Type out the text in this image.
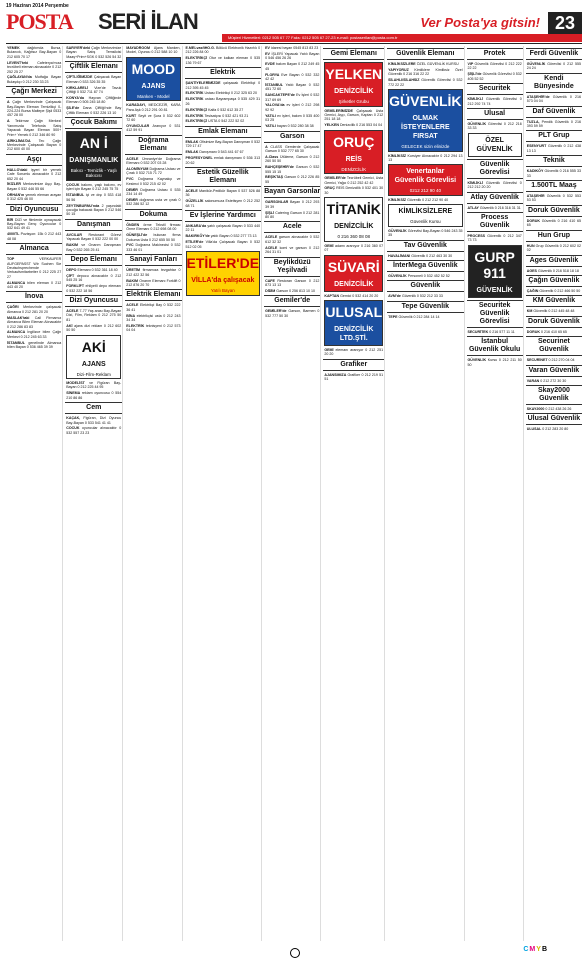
19 Haziran 2014 Perşembe
POSTA SERİ İLAN	Ver Posta'ya gitsin! 23
Müşteri Hizmetleri: 0212 505 67 77 Faks: 0212 505 67 27-23 e-mail: postaserilan@posta.com.tr
YEMEK dağıtımda Bursa, Bulancık, Kağıtsız Bay-Bayan 0 212 605 70 17
LEVENT'teki Cafeterya'mıza tecrübeli eleman alınacaktır 0 212 252 25 27
ÇAĞLAYAN'da Mutfağa Bayan Bulaşıkçı 0 212 230 33 23
Çağrı Merkezi
A Çağrı Merkezinde Çalışacak Bay-Bayan Eleman Temizlikçi 0-224-224 Bursa Maltepe Şişli 0533 457 28 00
A Tekirmar Çağrı Merkezi Yanımızda Telefonla Satış Yapacak Bayan Eleman 500+ Prim+ Yemek 0 212 346 80 90
AİRKLİMA'DA Tec Çağrı Merkezinde Çalışacak Bayan 0 212 600 40 00
Aşçı
HALLO'daki işyeri bir yemek Cafe Sorumlu alınacaktır 0 212 652 20 44
İKİZLER Merkezimize Aşçı Bay-Bayan 0 532 446 55 66
ORHAN'ın yemek eleman arayan 0 312 425 46 00
Dizi Oyuncusu
BİR DİZİ ve filmlerde oynayacak Bay-Bayan Genç Oyuncular 0 532 641 49 41
4000TL Pozisyon: 15k 0 212 443 48 08
Almanca
TOP VERKAUFER AUFGEPASST Wir Suchen Sie Deutschsprechende Verkaufsmitarbeiter 0 212 225 27 27
ALMANCA bilen eleman 0 212 443 40 20
İnova
ÇAĞRI Merkezinde çalışacak Almanca 0 212 281 20 20
MASLAK'taki Call Firmamız Almanca Bilen Eleman Alınacaktır 0 212 286 83 83
ALMANCA İngilizce bilen Çağrı Merkezi 0 212 245 63 33
İSTANBUL genelinde Almanca bilen Bayan 0 536 465 39 39
SARIYER'deki Çağrı Merkezimize Bayan Satış Temsilcisi Maaş+Prim+SGK 0 532 526 54 32
Çiftlik Elemanı
ÇİFTLİĞİMİZDE Çalışacak Bayan Eleman 0 533 326 35 35
KIRKLARELİ Vize'de Tavuk Çiftliği 0 532 711 87 74
KONYA'da Hayvan Çiftliğinde Eleman 0 505 245 18 80
ŞİLE'de Dana Çiftliği'nde Bay Çiftlik Elemanı 0 532 226 13 10
Çocuk Bakımı
AN İ
DANIŞMANLIK
Bakıcı - Temizlik - Yaşlı Bakıcısı
ÇOCUK bakımı, yaşlı bakımı, ev işleri için Bayan 0 212 245 75 75
İSTANBUL içi ve dışı 0 533 418 56 56
ZEYTİNBURNU'nda 2 yaşındaki çocuğa bakacak Bayan 0 212 546 50 15
Danışman
AVCILAR Restorant Görevi Yapacak Bayan 0 532 222 00 00
BAKIM ve Onarım Danışmanı Bay 0 532 265 25 41
Depo Elemanı
DEPO Elemanı 0 532 361 18 40
ÇİFT depocu alınacaktır 0 212 545 25 16
FORKLİFT ehliyetli depo elemanı 0 532 222 18 56
Dizi Oyuncusu
ACELE 7-77 Yaş arası Bay-Bayan Dizi, Film, Reklam 0 212 275 50 81
AKİ ajans dizi reklam 0 212 602 50 50
AKİ
AJANS
Dizi-Film-Reklam
MODELİST ve Figüran Bay-Bayan 0 212 225 44 95
SİNEMA reklam oyuncusu 0 554 210 86 86
Cem
KAÇAK, Figüran, Dizi Oyuncu Bay-Bayan 0 533 541 41 41
COCUK oyuncular alınacaktır 0 532 557 23 23
MAYADROOM Ajans Manken, Model, Oyuncu 0 212 588 10 10
MOOD
AJANS
Manken - Model
KARADAYI, MEDCEZİR, KARA Para Aşk 0 212 291 00 81
KURT Seyit ve Şura 0 532 602 72 60
OYUNCULAR Aranıyor 0 531 412 59 91
Doğrama Elemanı
ACELE Ümraniye'de Doğrama Elemanı 0 532 207 03 28
ALOMİNYUM Doğrama Ustası ve Çırak 0 532 715 71 72
PVC Doğrama Kaynakçı ve Kesimci 0 532 215 42 02
DEMİR Doğrama Ustası 0 535 234 14 49
DEMİR doğrama usta ve çırak 0 532 286 52 12
Dokuma
ÖNDEN örme Tekstil firması Örme Elemanı 0 212 698 08 00
GÜNEŞLİ'de bulunan firma Dokuma Usta 0 212 655 50 50
PVC Doğrama Makinecisi 0 532 333 46 01
Sanayi Fanları
ÜRETİM firmamıza tezgahtar 0 212 422 32 56
BAKIM Onarım Elemanı Forklift 0 212 876 20 70
Elektrik Elemanı
ACELE Elektrikçi Bay 0 532 222 36 41
BİNA elektrikçisi usta 0 212 243 34 34
ELEKTRİK teknisyeni 0 212 573 04 04
E.MELvasfiHO.G. Bölücü Elektronik Hazırlık 0 212 226 84 00
ELEKTRİKÇİ Otur ve kalkan eleman 0 535 136 79 67
Elektrik
ŞANTİYELERİMİZDE çalışacak Elektrikçi 0 212 395 45 45
ELEKTRİK Ustası Elektrikçi 0 212 325 63 20
ELEKTRİK ustası Bayrampaşa 0 535 429 31 26
ELEKTRİKÇİ Kalfa 0 532 612 35 27
ELEKTRİK Tesisatçısı 0 532 421 93 21
ELEKTRİKÇİ USTA 0 542 222 52 02
Emlak Elemanı
EMLAK Ofisimize Bay-Bayan Danışman 0 532 729 17 47
EMLAK Danışmanı 0 543 441 67 67
PROFESYONEL emlak danışmanı 0 536 313 20 62
Estetik Güzellik Elemanı
ACELE Manikür-Pedikür Bayan 0 537 526 88 36
GÜZELLİK salonumuza Estetisyen 0 212 252 68 71
Ev İşlerine Yardımcı
ANKARA'da yatılı çalışacak Bayan 0 533 440 22 11
BAKIRKÖY'de yatılı Bayan 0 532 277 73 13
ETİLER'de Villa'da Çalışacak Bayan 0 532 512 02 05
ETİLER'DE
VİLLA'da çalışacak
Yatılı Bayan
EV idaresi bayan 0545 813 83 23
EV İŞLERİ Yapacak Yatılı Bayan 0 546 456 26 26
EVDE bakım Bayan 0 212 249 45 45
FLORYA Eve Bayan 0 532 332 42 42
İSTANBUL Yatılı Bayan 0 532 451 72 60
SANCAKTEPE'de Ev İşleri 0 532 317 69 69
YALOVA'da ev işleri 0 212 298 92 92
YATILI ev işleri, bakım 0 535 400 03 25
YATILI bayan 0 532 280 38 38
Garson
A CLASS Gemlerde Çalışacak Garson 0 532 777 65 30
A.Class Ütüleme, Garson 0 212 260 50 50
BAHÇEŞEHİR'de Garson 0 532 555 15 15
BEŞİKTAŞ Garson 0 212 226 85 55
Bayan Garsonlar
GARSONLAR Bayan 0 212 293 39 39
ŞİŞLİ Catering Garson 0 212 281 80 80
Acele
ACELE garson alınacaktır 0 532 612 32 32
ACELE komi ve garson 0 212 264 31 01
Beylikdüzü Yeşilvadi
CAFE Restoran Garson 0 212 873 13 13
DİDİM Garson 0 256 813 10 10
Gemiler'de
GEMİLER'de Garson, Barmen 0 532 777 50 30
Gemi Elemanı
YELKEN
DENİZCİLİK
Şirketler Grubu
GEMİLERİMİZDE Çalışacak Usta Gemici, Aşçı, Garson, Kaptan 0 212 251 18 18
YELKEN Denizcilik 0 216 553 04 04
ORUÇ
REİS
DENİZCİLİK
GEMİLER'de Tecrübeli Gemici, Usta Gemici, Yağcı 0 212 252 42 42
ORUÇ REİS Denizcilik 0 532 401 30 30
TİTANİK
DENİZCİLİK
0 216 360 08 08
GEMİ adamı aranıyor 0 216 360 07 07
SÜVARİ
DENİZCİLİK
KAPTAN Gemici 0 532 414 20 20
ULUSAL
DENİZCİLİK LTD.ŞTİ.
GEMİ elemanı aranıyor 0 212 251 20 20
Grafiker
AJANSIMIZA Grafiker 0 212 219 51 51
Güvenlik Elemanı
KİMLİKSİZLERE ÖZEL GÜVENLİK KURSU
YAPIYORUZ Kimliklere Kimliksiz Özel Güvenlik 0 216 316 22 22
SİLAHLI/SİLAHSIZ Güvenlik Görevlisi 0 532 772 22 22
GÜVENLİK
OLMAK İSTEYENLERE FIRSAT
GELECEK sizin elinizde
KİMLİKSİZ Kursiyer Alınacaktır 0 212 294 13 13
Venertanlar Güvenlik Görevlisi
0212 212 90 40
KİMLİKSİZ Güvenlik 0 212 212 90 40
KİMLİKSİZLERE
Güvenlik Kursu
GÜVENLİK Görevlisi Bay-Bayan 0 546 243 35 35
Tav Güvenlik
HAVALİMANI Güvenlik 0 212 463 30 30
İnterMega Güvenlik
GÜVENLİK Personeli 0 532 452 52 52
Güvenlik
AVM'de Güvenlik 0 532 212 33 33
Tepe Güvenlik
TEPE Güvenlik 0 212 284 14 14
Protek
VIP Güvenlik Görevlisi 0 212 222 22 22
ŞİŞLİ'de Güvenlik Görevlisi 0 532 405 52 52
Securitek
KİMLİKLİ Güvenlik Görevlisi 0 212 292 74 74
Ulusal
GÜVENLİK Görevlisi 0 212 216 33 33
ÖZEL GÜVENLİK
Güvenlik Görevlisi
KİMLİKLİ Güvenlik Görevlisi 0 212 212 20 20
Atlay Güvenlik
ATLAY Güvenlik 0 216 316 31 31
Process Güvenlik
PROCESS Güvenlik 0 212 347 73 73
GURP 911
GÜVENLİK
Securitek Güvenlik Görevlisi
SECURİTEK 0 216 577 11 11
İstanbul Güvenlik Okulu
GÜVENLİK Kursu 0 212 211 50 50
Ferdi Güvenlik
GÜVENLİK Görevlisi 0 212 555 24 24
Kendi Bünyesinde
ATAŞEHİR'de Güvenlik 0 216 573 04 04
Daf Güvenlik
TUZLA, Pendik Güvenlik 0 216 393 59 59
PLT Grup
ESENYURT Güvenlik 0 212 438 13 13
Teknik
KADIKÖY Güvenlik 0 216 555 33 33
1.500TL Maaş
ATAŞEHİR Güvenlik 0 532 553 53 53
Doruk Güvenlik
DORUK Güvenlik 0 216 410 65 65
Hun Grup
HUN Grup Güvenlik 0 212 602 02 02
Ages Güvenlik
AGES Güvenlik 0 216 518 18 18
Çağın Güvenlik
ÇAĞIN Güvenlik 0 212 466 50 50
KM Güvenlik
KM Güvenlik 0 212 445 48 48
Doruk Güvenlik
DORUK 0 216 410 65 65
Securinet Güvenlik
SECURİNET 0 212 270 04 04
Varan Güvenlik
VARAN 0 212 272 30 30
Skay2000 Güvenlik
SKAY2000 0 212 438 26 26
Ulusal Güvenlik
ULUSAL 0 212 283 20 80
CMYB
